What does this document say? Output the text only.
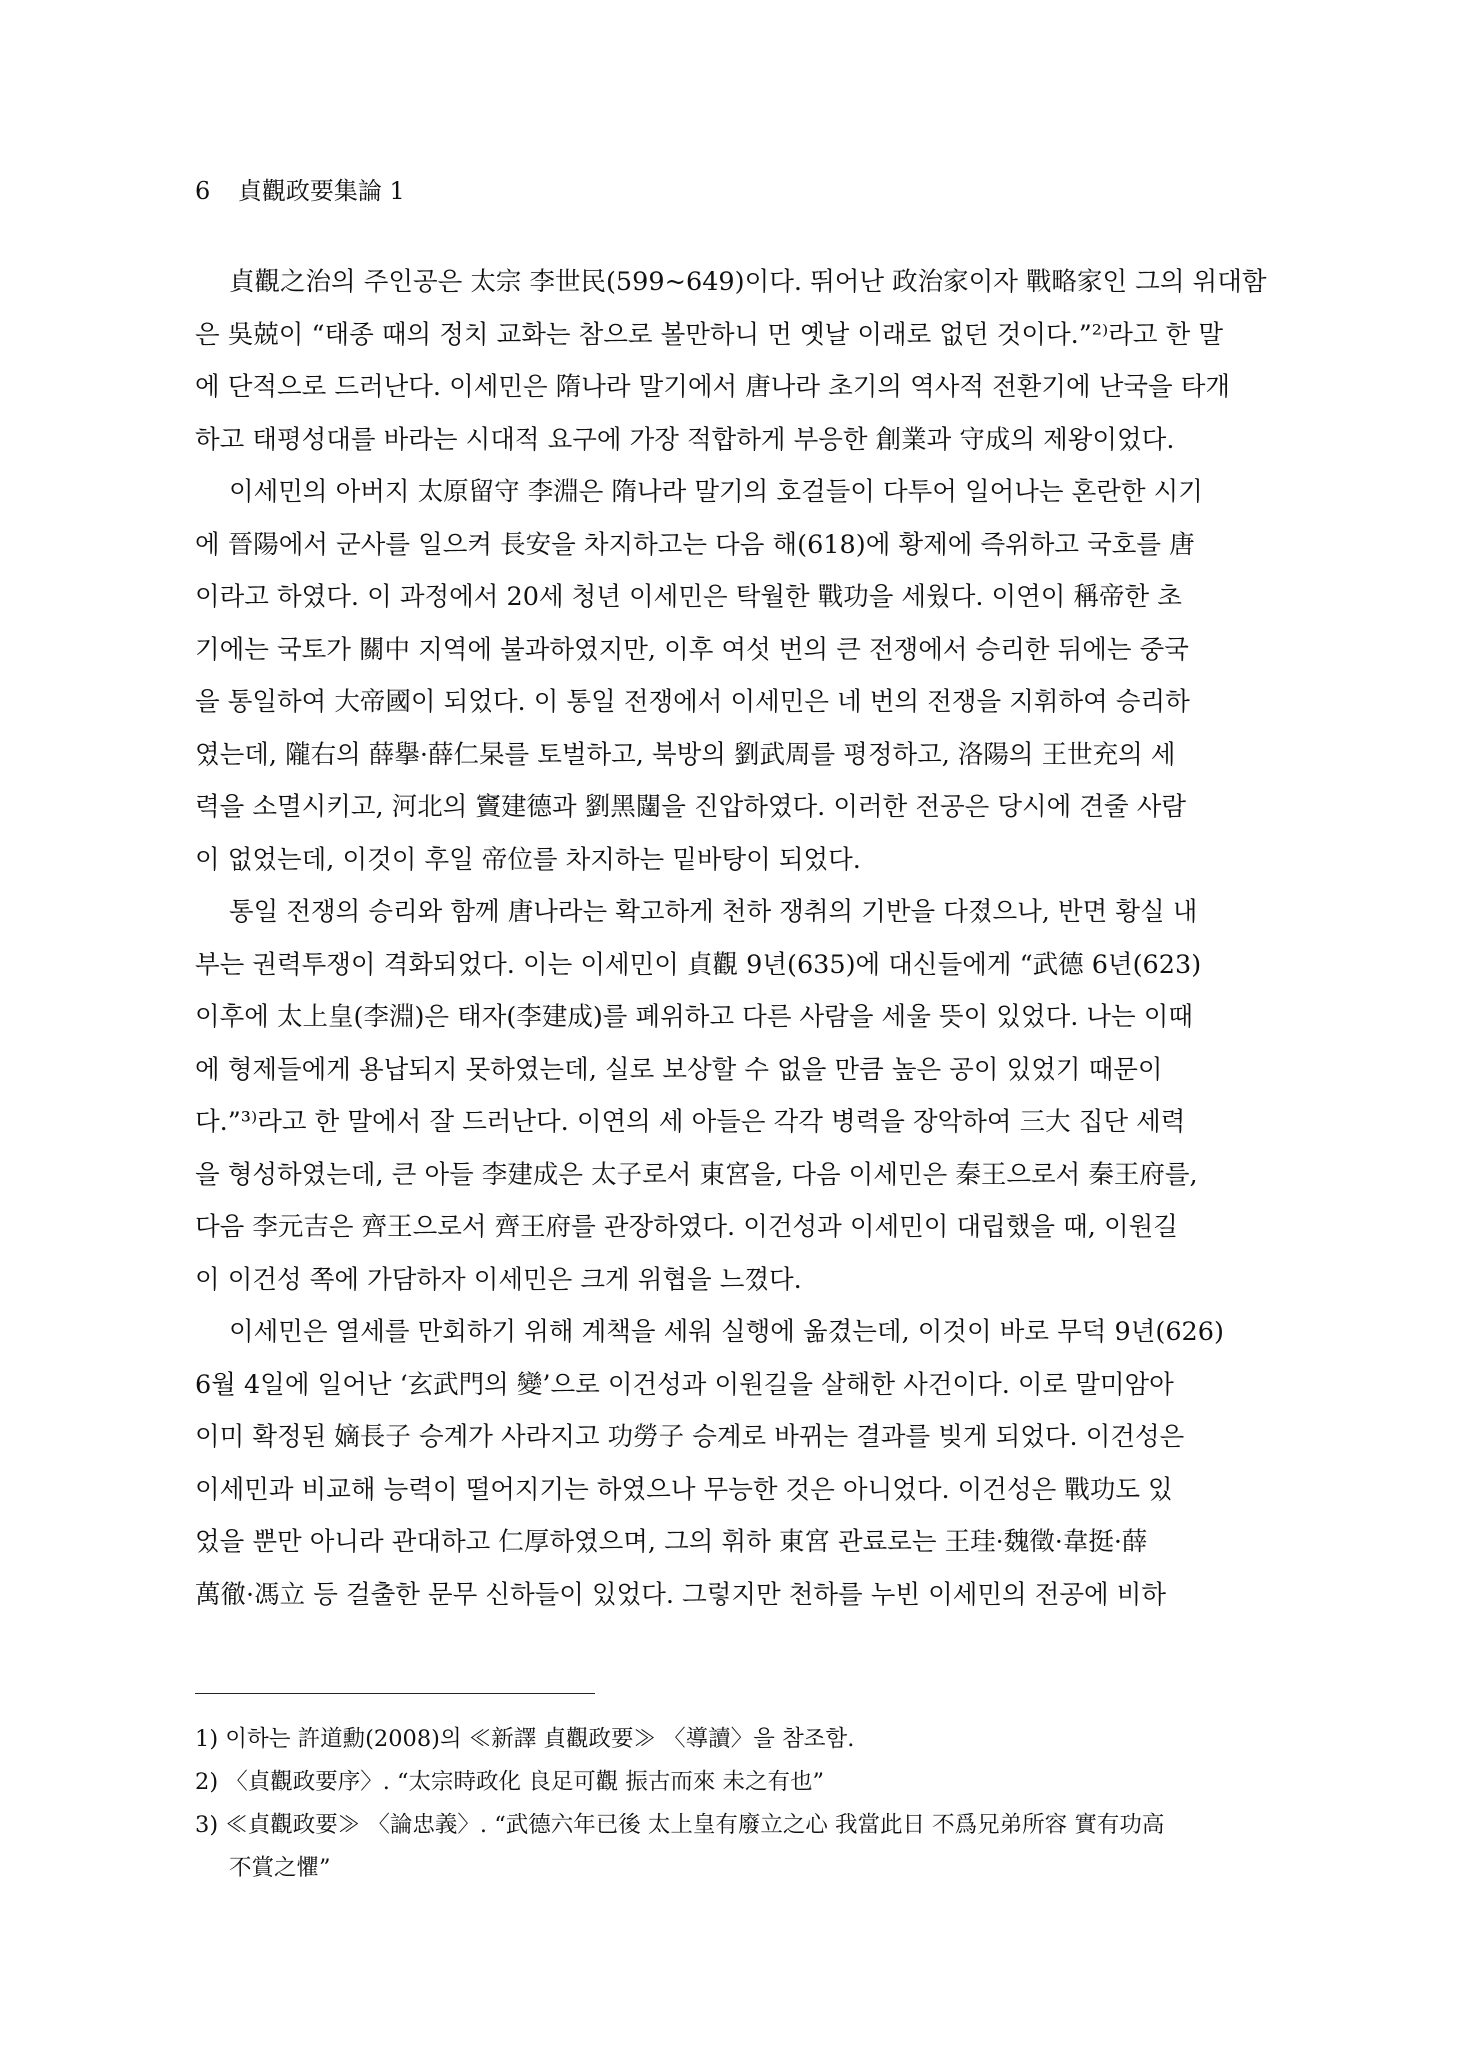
6 貞觀政要集論 1
貞觀之治의 주인공은 太宗 李世民(599~649)이다. 뛰어난 政治家이자 戰略家인 그의 위대함
은 吳兢이 “태종 때의 정치 교화는 참으로 볼만하니 먼 옛날 이래로 없던 것이다.”²⁾라고 한 말
에 단적으로 드러난다. 이세민은 隋나라 말기에서 唐나라 초기의 역사적 전환기에 난국을 타개
하고 태평성대를 바라는 시대적 요구에 가장 적합하게 부응한 創業과 守成의 제왕이었다.
이세민의 아버지 太原留守 李淵은 隋나라 말기의 호걸들이 다투어 일어나는 혼란한 시기
에 晉陽에서 군사를 일으켜 長安을 차지하고는 다음 해(618)에 황제에 즉위하고 국호를 唐
이라고 하였다. 이 과정에서 20세 청년 이세민은 탁월한 戰功을 세웠다. 이연이 稱帝한 초
기에는 국토가 關中 지역에 불과하였지만, 이후 여섯 번의 큰 전쟁에서 승리한 뒤에는 중국
을 통일하여 大帝國이 되었다. 이 통일 전쟁에서 이세민은 네 번의 전쟁을 지휘하여 승리하
였는데, 隴右의 薛擧·薛仁杲를 토벌하고, 북방의 劉武周를 평정하고, 洛陽의 王世充의 세
력을 소멸시키고, 河北의 竇建德과 劉黑闥을 진압하였다. 이러한 전공은 당시에 견줄 사람
이 없었는데, 이것이 후일 帝位를 차지하는 밑바탕이 되었다.
통일 전쟁의 승리와 함께 唐나라는 확고하게 천하 쟁취의 기반을 다졌으나, 반면 황실 내
부는 권력투쟁이 격화되었다. 이는 이세민이 貞觀 9년(635)에 대신들에게 “武德 6년(623)
이후에 太上皇(李淵)은 태자(李建成)를 폐위하고 다른 사람을 세울 뜻이 있었다. 나는 이때
에 형제들에게 용납되지 못하였는데, 실로 보상할 수 없을 만큼 높은 공이 있었기 때문이
다.”³⁾라고 한 말에서 잘 드러난다. 이연의 세 아들은 각각 병력을 장악하여 三大 집단 세력
을 형성하였는데, 큰 아들 李建成은 太子로서 東宮을, 다음 이세민은 秦王으로서 秦王府를,
다음 李元吉은 齊王으로서 齊王府를 관장하였다. 이건성과 이세민이 대립했을 때, 이원길
이 이건성 쪽에 가담하자 이세민은 크게 위협을 느꼈다.
이세민은 열세를 만회하기 위해 계책을 세워 실행에 옮겼는데, 이것이 바로 무덕 9년(626)
6월 4일에 일어난 ‘玄武門의 變’으로 이건성과 이원길을 살해한 사건이다. 이로 말미암아
이미 확정된 嫡長子 승계가 사라지고 功勞子 승계로 바뀌는 결과를 빚게 되었다. 이건성은
이세민과 비교해 능력이 떨어지기는 하였으나 무능한 것은 아니었다. 이건성은 戰功도 있
었을 뿐만 아니라 관대하고 仁厚하였으며, 그의 휘하 東宮 관료로는 王珪·魏徵·韋挺·薛
萬徹·馮立 등 걸출한 문무 신하들이 있었다. 그렇지만 천하를 누빈 이세민의 전공에 비하
1) 이하는 許道勳(2008)의 ≪新譯 貞觀政要≫ 〈導讀〉을 참조함.
2) 〈貞觀政要序〉. “太宗時政化 良足可觀 振古而來 未之有也”
3) ≪貞觀政要≫ 〈論忠義〉. “武德六年已後 太上皇有廢立之心 我當此日 不爲兄弟所容 實有功高
不賞之懼”
